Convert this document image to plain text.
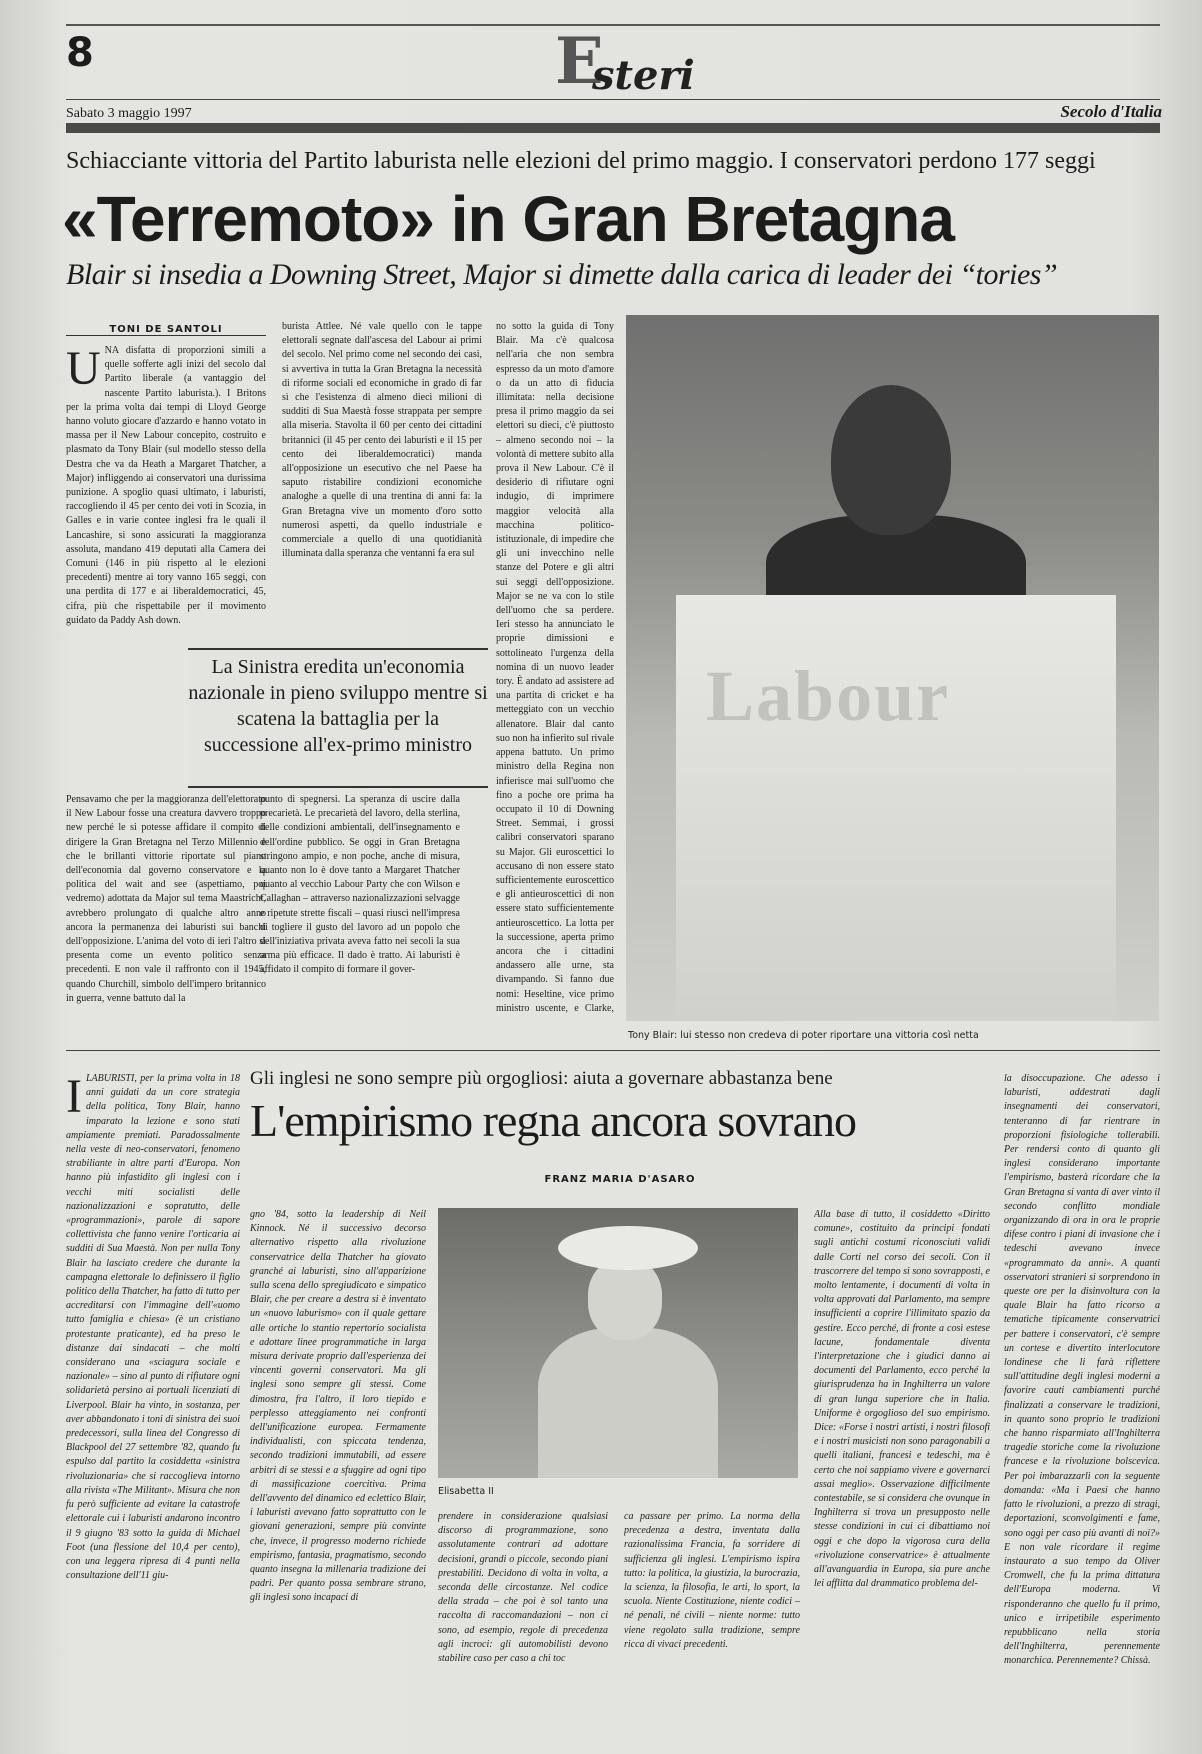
8	E
steri
Sabato 3 maggio 1997	Secolo d'Italia
Schiacciante vittoria del Partito laburista nelle elezioni del primo maggio. I conservatori perdono 177 seggi
«Terremoto» in Gran Bretagna
Blair si insedia a Downing Street, Major si dimette dalla carica di leader dei “tories”
TONI DE SANTOLI
UNA disfatta di proporzioni simili a quelle sofferte agli inizi del secolo dal Partito liberale (a vantaggio del nascente Partito laburista.). I Britons per la prima volta dai tempi di Lloyd George hanno voluto giocare d'azzardo e hanno votato in massa per il New Labour concepito, costruito e plasmato da Tony Blair (sul modello stesso della Destra che va da Heath a Margaret Thatcher, a Major) infliggendo ai conservatori una durissima punizione. A spoglio quasi ultimato, i laburisti, raccogliendo il 45 per cento dei voti in Scozia, in Galles e in varie contee inglesi fra le quali il Lancashire, si sono assicurati la maggioranza assoluta, mandano 419 deputati alla Camera dei Comuni (146 in più rispetto al le elezioni precedenti) mentre ai tory vanno 165 seggi, con una perdita di 177 e ai liberaldemocratici, 45, cifra, più che rispettabile per il movimento guidato da Paddy Ash down.
Pensavamo che per la maggioranza dell'elettorato il New Labour fosse una creatura davvero troppo new perché le si potesse affidare il compito di dirigere la Gran Bretagna nel Terzo Millennio e che le brillanti vittorie riportate sul piano dell'economia dal governo conservatore e la politica del wait and see (aspettiamo, poi vedremo) adottata da Major sul tema Maastricht, avrebbero prolungato di qualche altro anno ancora la permanenza dei laburisti sui banchi dell'opposizione. L'anima del voto di ieri l'altro si presenta come un evento politico senza precedenti. E non vale il raffronto con il 1945, quando Churchill, simbolo dell'impero britannico in guerra, venne battuto dal la
burista Attlee. Né vale quello con le tappe elettorali segnate dall'ascesa del Labour ai primi del secolo. Nel primo come nel secondo dei casi, si avvertiva in tutta la Gran Bretagna la necessità di riforme sociali ed economiche in grado di far sì che l'esistenza di almeno dieci milioni di sudditi di Sua Maestà fosse strappata per sempre alla miseria. Stavolta il 60 per cento dei cittadini britannici (il 45 per cento dei laburisti e il 15 per cento dei liberaldemocratici) manda all'opposizione un esecutivo che nel Paese ha saputo ristabilire condizioni economiche analoghe a quelle di una trentina di anni fa: la Gran Bretagna vive un momento d'oro sotto numerosi aspetti, da quello industriale e commerciale a quello di una quotidianità illuminata dalla speranza che ventanni fa era sul
punto di spegnersi. La speranza di uscire dalla precarietà. Le precarietà del lavoro, della sterlina, delle condizioni ambientali, dell'insegnamento e dell'ordine pubblico. Se oggi in Gran Bretagna stringono ampio, e non poche, anche di misura, quanto non lo è dove tanto a Margaret Thatcher quanto al vecchio Labour Party che con Wilson e Callaghan – attraverso nazionalizzazioni selvagge e ripetute strette fiscali – quasi riuscì nell'impresa di togliere il gusto del lavoro ad un popolo che dell'iniziativa privata aveva fatto nei secoli la sua arma più efficace. Il dado è tratto. Ai laburisti è affidato il compito di formare il gover-
no sotto la guida di Tony Blair. Ma c'è qualcosa nell'aria che non sembra espresso da un moto d'amore o da un atto di fiducia illimitata: nella decisione presa il primo maggio da sei elettori su dieci, c'è piuttosto – almeno secondo noi – la volontà di mettere subito alla prova il New Labour. C'è il desiderio di rifiutare ogni indugio, di imprimere maggior velocità alla macchina politico-istituzionale, di impedire che gli uni invecchino nelle stanze del Potere e gli altri sui seggi dell'opposizione. Major se ne va con lo stile dell'uomo che sa perdere. Ieri stesso ha annunciato le proprie dimissioni e sottolineato l'urgenza della nomina di un nuovo leader tory. È andato ad assistere ad una partita di cricket e ha metteggiato con un vecchio allenatore. Blair dal canto suo non ha infierito sul rivale appena battuto. Un primo ministro della Regina non infierisce mai sull'uomo che fino a poche ore prima ha occupato il 10 di Downing Street. Semmai, i grossi calibri conservatori sparano su Major. Gli euroscettici lo accusano di non essere stato sufficientemente euroscettico e gli antieuroscettici di non essere stato sufficientemente antieuroscettico. La lotta per la successione, aperta primo ancora che i cittadini andassero alle urne, sta divampando. Si fanno due nomi: Heseltine, vice primo ministro uscente, e Clarke,
La Sinistra eredita un'economia nazionale in pieno sviluppo mentre si scatena la battaglia per la successione all'ex-primo ministro
Labour
Tony Blair: lui stesso non credeva di poter riportare una vittoria così netta
ILABURISTI, per la prima volta in 18 anni guidati da un core strategia della politica, Tony Blair, hanno imparato la lezione e sono stati ampiamente premiati. Paradossalmente nella veste di neo-conservatori, fenomeno strabiliante in altre parti d'Europa. Non hanno più infastidito gli inglesi con i vecchi miti socialisti delle nazionalizzazioni e sopratutto, delle «programmazioni», parole di sapore collettivista che fanno venire l'orticaria ai sudditi di Sua Maestà. Non per nulla Tony Blair ha lasciato credere che durante la campagna elettorale lo definissero il figlio politico della Thatcher, ha fatto di tutto per accreditarsi con l'immagine dell'«uomo tutto famiglia e chiesa» (è un cristiano protestante praticante), ed ha preso le distanze dai sindacati – che molti considerano una «sciagura sociale e nazionale» – sino al punto di rifiutare ogni solidarietà persino ai portuali licenziati di Liverpool. Blair ha vinto, in sostanza, per aver abbandonato i toni di sinistra dei suoi predecessori, sulla linea del Congresso di Blackpool del 27 settembre '82, quando fu espulso dal partito la cosiddetta «sinistra rivoluzionaria» che si raccoglieva intorno alla rivista «The Militant». Misura che non fu però sufficiente ad evitare la catastrofe elettorale cui i laburisti andarono incontro il 9 giugno '83 sotto la guida di Michael Foot (una flessione del 10,4 per cento), con una leggera ripresa di 4 punti nella consultazione dell'11 giu-
Gli inglesi ne sono sempre più orgogliosi: aiuta a governare abbastanza bene
L'empirismo regna ancora sovrano
FRANZ MARIA D'ASARO
gno '84, sotto la leadership di Neil Kinnock. Né il successivo decorso alternativo rispetto alla rivoluzione conservatrice della Thatcher ha giovato granché ai laburisti, sino all'apparizione sulla scena dello spregiudicato e simpatico Blair, che per creare a destra si è inventato un «nuovo laburismo» con il quale gettare alle ortiche lo stantio repertorio socialista e adottare linee programmatiche in larga misura derivate proprio dall'esperienza dei vincenti governi conservatori. Ma gli inglesi sono sempre gli stessi. Come dimostra, fra l'altro, il loro tiepido e perplesso atteggiamento nei confronti dell'unificazione europea. Fermamente individualisti, con spiccata tendenza, secondo tradizioni immutabili, ad essere arbitri di se stessi e a sfuggire ad ogni tipo di massificazione coercitiva. Prima dell'avvento del dinamico ed eclettico Blair, i laburisti avevano fatto soprattutto con le giovani generazioni, sempre più convinte che, invece, il progresso moderno richiede empirismo, fantasia, pragmatismo, secondo quanto insegna la millenaria tradizione dei padri. Per quanto possa sembrare strano, gli inglesi sono incapaci di
Elisabetta II
prendere in considerazione qualsiasi discorso di programmazione, sono assolutamente contrari ad adottare decisioni, grandi o piccole, secondo piani prestabiliti. Decidono di volta in volta, a seconda delle circostanze. Nel codice della strada – che poi è sol tanto una raccolta di raccomandazioni – non ci sono, ad esempio, regole di precedenza agli incroci: gli automobilisti devono stabilire caso per caso a chi toc
ca passare per primo. La norma della precedenza a destra, inventata dalla razionalissima Francia, fa sorridere di sufficienza gli inglesi. L'empirismo ispira tutto: la politica, la giustizia, la burocrazia, la scienza, la filosofia, le arti, lo sport, la scuola. Niente Costituzione, niente codici – né penali, né civili – niente norme: tutto viene regolato sulla tradizione, sempre ricca di vivaci precedenti.
Alla base di tutto, il cosiddetto «Diritto comune», costituito da principi fondati sugli antichi costumi riconosciuti validi dalle Corti nel corso dei secoli. Con il trascorrere del tempo si sono sovrapposti, e molto lentamente, i documenti di volta in volta approvati dal Parlamento, ma sempre insufficienti a coprire l'illimitato spazio da gestire. Ecco perché, di fronte a così estese lacune, fondamentale diventa l'interpretazione che i giudici danno ai documenti del Parlamento, ecco perché la giurisprudenza ha in Inghilterra un valore di gran lunga superiore che in Italia. Uniforme è orgoglioso del suo empirismo. Dice: «Forse i nostri artisti, i nostri filosofi e i nostri musicisti non sono paragonabili a quelli italiani, francesi e tedeschi, ma è certo che noi sappiamo vivere e governarci assai meglio». Osservazione difficilmente contestabile, se si considera che ovunque in Inghilterra si trova un presupposto nelle stesse condizioni in cui ci dibattiamo noi oggi e che dopo la vigorosa cura della «rivoluzione conservatrice» è attualmente all'avanguardia in Europa, sia pure anche lei afflitta dal drammatico problema del-
la disoccupazione. Che adesso i laburisti, addestrati dagli insegnamenti dei conservatori, tenteranno di far rientrare in proporzioni fisiologiche tollerabili. Per rendersi conto di quanto gli inglesi considerano importante l'empirismo, basterà ricordare che la Gran Bretagna si vanta di aver vinto il secondo conflitto mondiale organizzando di ora in ora le proprie difese contro i piani di invasione che i tedeschi avevano invece «programmato da anni». A quanti osservatori stranieri si sorprendono in queste ore per la disinvoltura con la quale Blair ha fatto ricorso a tematiche tipicamente conservatrici per battere i conservatori, c'è sempre un cortese e divertito interlocutore londinese che li farà riflettere sull'attitudine degli inglesi moderni a favorire cauti cambiamenti purché finalizzati a conservare le tradizioni, in quanto sono proprio le tradizioni che hanno risparmiato all'Inghilterra tragedie storiche come la rivoluzione francese e la rivoluzione bolscevica. Per poi imbarazzarli con la seguente domanda: «Ma i Paesi che hanno fatto le rivoluzioni, a prezzo di stragi, deportazioni, sconvolgimenti e fame, sono oggi per caso più avanti di noi?» E non vale ricordare il regime instaurato a suo tempo da Oliver Cromwell, che fu la prima dittatura dell'Europa moderna. Vi risponderanno che quello fu il primo, unico e irripetibile esperimento repubblicano nella storia dell'Inghilterra, perennemente monarchica. Perennemente? Chissà.
